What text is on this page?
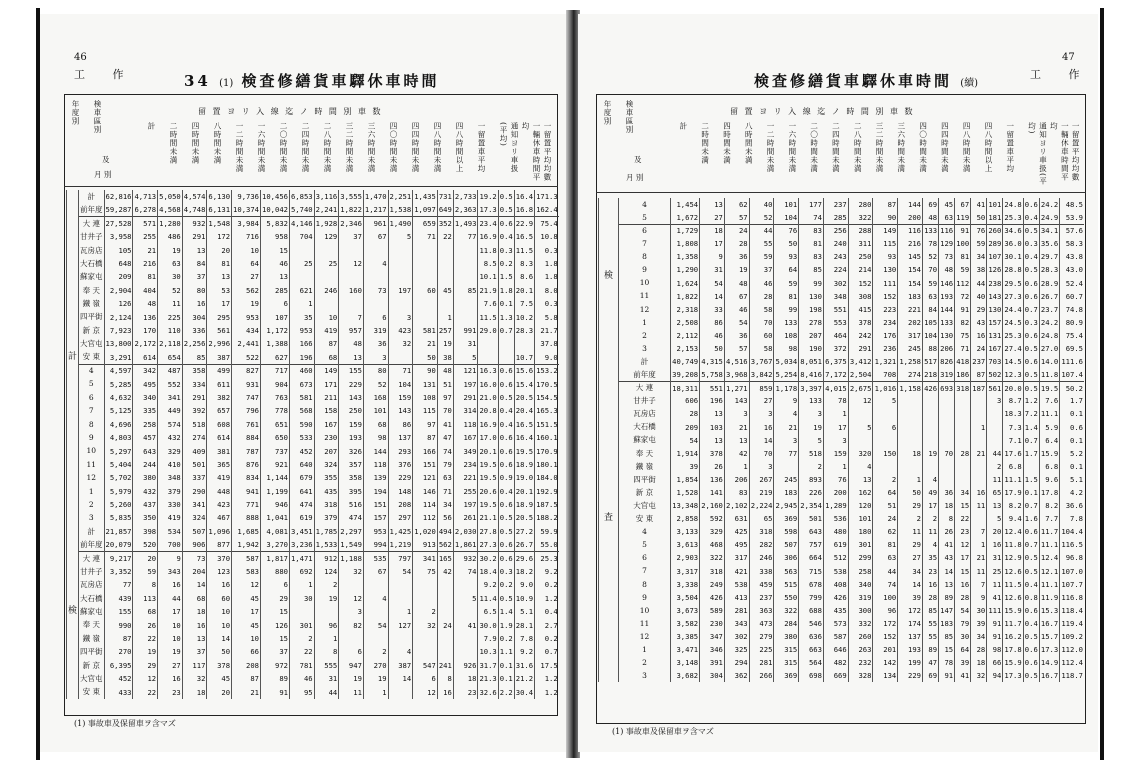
46
工 作	34 (1) 検査修繕貨車驛休車時間
年度別 検車區別
及
月 別
留 置 ヨ リ 入 線 迄 ノ 時 間 別 車 数
計 二時間未満 四時間未満 八時間未満 一二時間未満 一六時間未満 二〇時間未満 二四時間未満 二八時間未満 三二時間未満 三六時間未満 四〇時間未満 四四時間未満 四八時間未満 四八時間以上 一留置車平均	通知ヨリ車扱(平均)	一輛休車時間平均	一留置平均均數
計	計	62,816	4,713	5,050	4,574	6,130	9,736	10,456	6,853	3,116	3,555	1,470	2,251	1,435	731	2,733	19.2	0.5	16.4	171.3
	前年度	59,287	6,278	4,568	4,748	6,131	10,374	10,042	5,740	2,241	1,822	1,217	1,538	1,097	649	2,363	17.3	0.5	16.8	162.4
	大 連	27,528	571	1,280	932	1,548	3,984	5,832	4,146	1,928	2,346	961	1,490	659	352	1,493	23.4	0.6	22.9	75.4
	甘井子	3,958	255	486	291	172	716	958	704	129	37	67	5	71	22	77	16.9	0.4	16.5	10.8
	瓦房店	105	21	19	13	20	10	15									11.8	0.3	11.5	0.3
	大石橋	648	216	63	84	81	64	46	25	25	12	4					8.5	0.2	8.3	1.8
	蘇家屯	209	81	30	37	13	27	13									10.1	1.5	8.6	1.8
	奉 天	2,904	404	52	80	53	562	285	621	246	160	73	197	60	45	85	21.9	1.8	20.1	8.0
	鐵 嶺	126	48	11	16	17	19	6	1								7.6	0.1	7.5	0.3
	四平街	2,124	136	225	304	295	953	107	35	10	7	6	3		1		11.5	1.3	10.2	5.8
	新 京	7,923	170	110	336	561	434	1,172	953	419	957	319	423	581	257	991	29.0	0.7	28.3	21.7
	大官屯	13,800	2,172	2,118	2,256	2,996	2,441	1,388	166	87	48	36	32	21	19	31				37.8
	安 東	3,291	614	654	85	387	522	627	196	68	13	3		50	38	5			10.7	9.0
	4	4,597	342	487	358	499	827	717	460	149	155	80	71	90	48	121	16.3	0.6	15.6	153.2
	5	5,285	495	552	334	611	931	904	673	171	229	52	104	131	51	197	16.0	0.6	15.4	170.5
	6	4,632	340	341	291	382	747	763	581	211	143	168	159	108	97	291	21.0	0.5	20.5	154.5
	7	5,125	335	449	392	657	796	778	568	158	250	101	143	115	70	314	20.8	0.4	20.4	165.3
	8	4,696	258	574	518	608	761	651	590	167	159	68	86	97	41	118	16.9	0.4	16.5	151.5
	9	4,803	457	432	274	614	884	650	533	230	193	98	137	87	47	167	17.0	0.6	16.4	160.1
	10	5,297	643	329	409	381	787	737	452	207	326	144	293	166	74	349	20.1	0.6	19.5	170.9
	11	5,404	244	410	501	365	876	921	640	324	357	118	376	151	79	234	19.5	0.6	18.9	180.1
	12	5,702	380	348	337	419	834	1,144	679	355	358	139	229	121	63	221	19.5	0.9	19.0	184.0
	1	5,979	432	379	290	448	941	1,199	641	435	395	194	148	146	71	255	20.6	0.4	20.1	192.9
	2	5,260	437	330	341	423	771	946	474	318	516	151	208	114	34	197	19.5	0.6	18.9	187.5
	3	5,835	350	419	324	467	888	1,041	619	379	474	157	297	112	56	261	21.1	0.5	20.5	188.2
検	計	21,857	398	534	507	1,096	1,685	4,081	3,451	1,785	2,297	953	1,425	1,020	494	2,030	27.8	0.5	27.2	59.9
	前年度	20,079	520	700	906	877	1,942	3,270	3,236	1,533	1,549	994	1,219	913	562	1,861	27.3	0.6	26.7	55.0
	大 連	9,217	20	9	73	370	587	1,817	1,471	912	1,188	535	797	341	165	932	30.2	0.6	29.6	25.3
	甘井子	3,352	59	343	204	123	583	880	692	124	32	67	54	75	42	74	18.4	0.3	18.2	9.2
	瓦房店	77	8	16	14	16	12	6	1	2							9.2	0.2	9.0	0.2
	大石橋	439	113	44	68	60	45	29	30	19	12	4				5	11.4	0.5	10.9	1.2
	蘇家屯	155	68	17	18	10	17	15			3		1	2			6.5	1.4	5.1	0.4
	奉 天	990	26	10	16	10	45	126	301	96	82	54	127	32	24	41	30.0	1.9	28.1	2.7
	鐵 嶺	87	22	10	13	14	10	15	2	1							7.9	0.2	7.8	0.2
	四平街	270	19	19	37	50	66	37	22	8	6	2	4				10.3	1.1	9.2	0.7
	新 京	6,395	29	27	117	378	208	972	781	555	947	270	387	547	241	926	31.7	0.1	31.6	17.5
	大官屯	452	12	16	32	45	87	89	46	31	19	19	14	6	8	18	21.3	0.1	21.2	1.2
	安 東	433	22	23	18	20	21	91	95	44	11	1		12	16	23	32.6	2.2	30.4	1.2
(1) 事故車及保留車ヲ含マズ
47
工 作
検査修繕貨車驛休車時間 (續)
年度別 検車區別
及
月 別
留 置 ヨ リ 入 線 迄 ノ 時 間 別 車 数
計 二時間未満 四時間未満 八時間未満 一二時間未満 一六時間未満 二〇時間未満 二四時間未満 二八時間未満 三二時間未満 三六時間未満 四〇時間未満 四四時間未満 四八時間未満 四八時間以上 一留置車平均	通知ヨリ車扱(平均)	一輛休車時間平均	一留置平均均數
検	4	1,454	13	62	40	101	177	237	280	87	144	69	45	67	41	101	24.8	0.6	24.2	48.5
	5	1,672	27	57	52	104	74	285	322	90	200	48	63	119	50	181	25.3	0.4	24.9	53.9
	6	1,729	18	24	44	76	83	256	288	149	116	133	116	91	76	260	34.6	0.5	34.1	57.6
	7	1,808	17	28	55	50	81	240	311	115	216	78	129	100	59	289	36.0	0.3	35.6	58.3
	8	1,358	9	36	59	93	83	243	250	93	145	52	73	81	34	107	30.1	0.4	29.7	43.8
	9	1,290	31	19	37	64	85	224	214	130	154	70	48	59	38	126	28.8	0.5	28.3	43.0
	10	1,624	54	48	46	59	99	302	152	111	154	59	146	112	44	238	29.5	0.6	28.9	52.4
	11	1,822	14	67	28	81	130	348	308	152	183	63	193	72	40	143	27.3	0.6	26.7	60.7
	12	2,318	33	46	58	99	198	551	415	223	221	84	144	91	29	130	24.4	0.7	23.7	74.8
	1	2,508	86	54	70	133	278	553	378	234	202	105	133	82	43	157	24.5	0.3	24.2	80.9
	2	2,112	46	36	60	108	207	464	242	176	317	104	130	75	16	131	25.3	0.6	24.8	75.4
	3	2,153	50	57	58	98	190	372	291	236	245	88	206	71	24	167	27.4	0.5	27.0	69.5
査	計	40,749	4,315	4,516	3,767	5,034	8,051	6,375	3,412	1,321	1,258	517	826	418	237	703	14.5	0.6	14.0	111.6
	前年度	39,208	5,758	3,968	3,842	5,254	8,416	7,172	2,504	708	274	218	319	186	87	502	12.3	0.5	11.8	107.4
	大 連	18,311	551	1,271	859	1,178	3,397	4,015	2,675	1,016	1,158	426	693	318	187	561	20.0	0.5	19.5	50.2
	甘井子	606	196	143	27	9	133	78	12	5						3	8.7	1.2	7.6	1.7
	瓦房店	28	13	3	3	4	3	1									18.3	7.2	11.1	0.1
	大石橋	209	103	21	16	21	19	17	5	6					1		7.3	1.4	5.9	0.6
	蘇家屯	54	13	13	14	3	5	3									7.1	0.7	6.4	0.1
	奉 天	1,914	378	42	70	77	518	159	320	150	18	19	70	28	21	44	17.6	1.7	15.9	5.2
	鐵 嶺	39	26	1	3		2	1	4							2	6.8		6.8	0.1
	四平街	1,854	136	206	267	245	893	76	13	2	1	4				11	11.1	1.5	9.6	5.1
	新 京	1,528	141	83	219	183	226	200	162	64	50	49	36	34	16	65	17.9	0.1	17.8	4.2
	大官屯	13,348	2,160	2,102	2,224	2,945	2,354	1,289	120	51	29	17	18	15	11	13	8.2	0.7	8.2	36.6
	安 東	2,858	592	631	65	369	501	536	101	24	2	2	8	22		5	9.4	1.6	7.7	7.8
	4	3,133	329	425	318	598	643	480	180	62	11	11	26	23	7	20	12.4	0.6	11.7	104.4
	5	3,613	468	495	282	507	757	619	301	81	29	4	41	12	1	16	11.8	0.7	11.1	116.5
	6	2,903	322	317	246	306	664	512	299	63	27	35	43	17	21	31	12.9	0.5	12.4	96.8
	7	3,317	318	421	338	563	715	538	258	44	34	23	14	15	11	25	12.6	0.5	12.1	107.0
	8	3,338	249	538	459	515	678	408	340	74	14	16	13	16	7	11	11.5	0.4	11.1	107.7
	9	3,504	426	413	237	550	799	426	319	100	39	28	89	28	9	41	12.6	0.8	11.9	116.8
	10	3,673	589	281	363	322	688	435	300	96	172	85	147	54	30	111	15.9	0.6	15.3	118.4
	11	3,582	230	343	473	284	546	573	332	172	174	55	183	79	39	91	11.7	0.4	16.7	119.4
	12	3,385	347	302	279	380	636	587	260	152	137	55	85	30	34	91	16.2	0.5	15.7	109.2
	1	3,471	346	325	225	315	663	646	263	201	193	89	15	64	28	98	17.8	0.6	17.3	112.0
	2	3,148	391	294	281	315	564	482	232	142	199	47	78	39	18	66	15.9	0.6	14.9	112.4
	3	3,682	304	362	266	369	698	669	328	134	229	69	91	41	32	94	17.3	0.5	16.7	118.7
(1) 事故車及保留車ヲ含マズ
